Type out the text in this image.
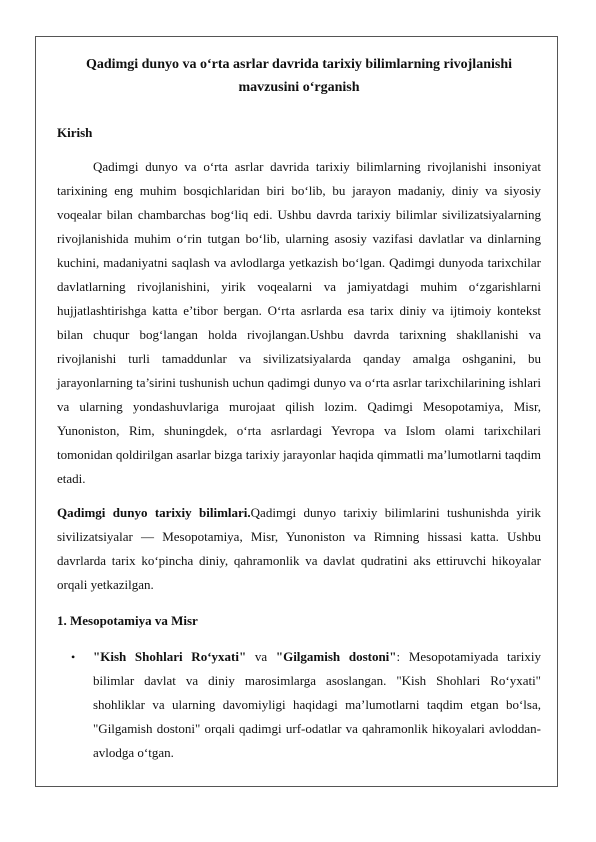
Qadimgi dunyo va o‘rta asrlar davrida tarixiy bilimlarning rivojlanishi mavzusini o‘rganish

Kirish

Qadimgi dunyo va o‘rta asrlar davrida tarixiy bilimlarning rivojlanishi insoniyat tarixining eng muhim bosqichlaridan biri bo‘lib, bu jarayon madaniy, diniy va siyosiy voqealar bilan chambarchas bog‘liq edi. Ushbu davrda tarixiy bilimlar sivilizatsiyalarning rivojlanishida muhim o‘rin tutgan bo‘lib, ularning asosiy vazifasi davlatlar va dinlarning kuchini, madaniyatni saqlash va avlodlarga yetkazish bo‘lgan. Qadimgi dunyoda tarixchilar davlatlarning rivojlanishini, yirik voqealarni va jamiyatdagi muhim o‘zgarishlarni hujjatlashtirishga katta e’tibor bergan. O‘rta asrlarda esa tarix diniy va ijtimoiy kontekst bilan chuqur bog‘langan holda rivojlangan.Ushbu davrda tarixning shakllanishi va rivojlanishi turli tamaddunlar va sivilizatsiyalarda qanday amalga oshganini, bu jarayonlarning ta’sirini tushunish uchun qadimgi dunyo va o‘rta asrlar tarixchilarining ishlari va ularning yondashuvlariga murojaat qilish lozim. Qadimgi Mesopotamiya, Misr, Yunoniston, Rim, shuningdek, o‘rta asrlardagi Yevropa va Islom olami tarixchilari tomonidan qoldirilgan asarlar bizga tarixiy jarayonlar haqida qimmatli ma’lumotlarni taqdim etadi.

Qadimgi dunyo tarixiy bilimlari.Qadimgi dunyo tarixiy bilimlarini tushunishda yirik sivilizatsiyalar — Mesopotamiya, Misr, Yunoniston va Rimning hissasi katta. Ushbu davrlarda tarix ko‘pincha diniy, qahramonlik va davlat qudratini aks ettiruvchi hikoyalar orqali yetkazilgan.

1. Mesopotamiya va Misr

• "Kish Shohlari Ro‘yxati" va "Gilgamish dostoni": Mesopotamiyada tarixiy bilimlar davlat va diniy marosimlarga asoslangan. "Kish Shohlari Ro‘yxati" shohliklar va ularning davomiyligi haqidagi ma’lumotlarni taqdim etgan bo‘lsa, "Gilgamish dostoni" orqali qadimgi urf-odatlar va qahramonlik hikoyalari avloddan-avlodga o‘tgan.
